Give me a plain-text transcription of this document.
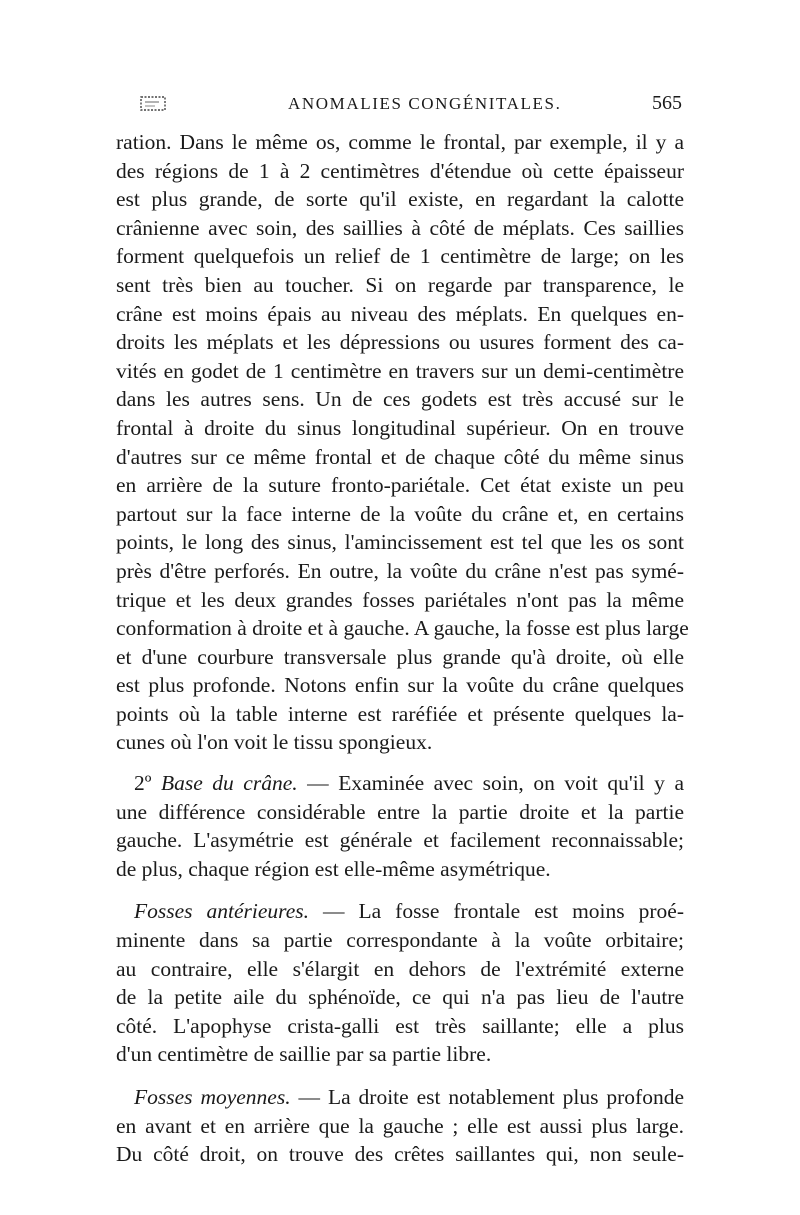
ANOMALIES CONGÉNITALES.	565
ration. Dans le même os, comme le frontal, par exemple, il y a
des régions de 1 à 2 centimètres d'étendue où cette épaisseur
est plus grande, de sorte qu'il existe, en regardant la calotte
crânienne avec soin, des saillies à côté de méplats. Ces saillies
forment quelquefois un relief de 1 centimètre de large; on les
sent très bien au toucher. Si on regarde par transparence, le
crâne est moins épais au niveau des méplats. En quelques en-
droits les méplats et les dépressions ou usures forment des ca-
vités en godet de 1 centimètre en travers sur un demi-centimètre
dans les autres sens. Un de ces godets est très accusé sur le
frontal à droite du sinus longitudinal supérieur. On en trouve
d'autres sur ce même frontal et de chaque côté du même sinus
en arrière de la suture fronto-pariétale. Cet état existe un peu
partout sur la face interne de la voûte du crâne et, en certains
points, le long des sinus, l'amincissement est tel que les os sont
près d'être perforés. En outre, la voûte du crâne n'est pas symé-
trique et les deux grandes fosses pariétales n'ont pas la même
conformation à droite et à gauche. A gauche, la fosse est plus large
et d'une courbure transversale plus grande qu'à droite, où elle
est plus profonde. Notons enfin sur la voûte du crâne quelques
points où la table interne est raréfiée et présente quelques la-
cunes où l'on voit le tissu spongieux.
2º Base du crâne. — Examinée avec soin, on voit qu'il y a
une différence considérable entre la partie droite et la partie
gauche. L'asymétrie est générale et facilement reconnaissable;
de plus, chaque région est elle-même asymétrique.
Fosses antérieures. — La fosse frontale est moins proé-
minente dans sa partie correspondante à la voûte orbitaire;
au contraire, elle s'élargit en dehors de l'extrémité externe
de la petite aile du sphénoïde, ce qui n'a pas lieu de l'autre
côté. L'apophyse crista-galli est très saillante; elle a plus
d'un centimètre de saillie par sa partie libre.
Fosses moyennes. — La droite est notablement plus profonde
en avant et en arrière que la gauche ; elle est aussi plus large.
Du côté droit, on trouve des crêtes saillantes qui, non seule-
